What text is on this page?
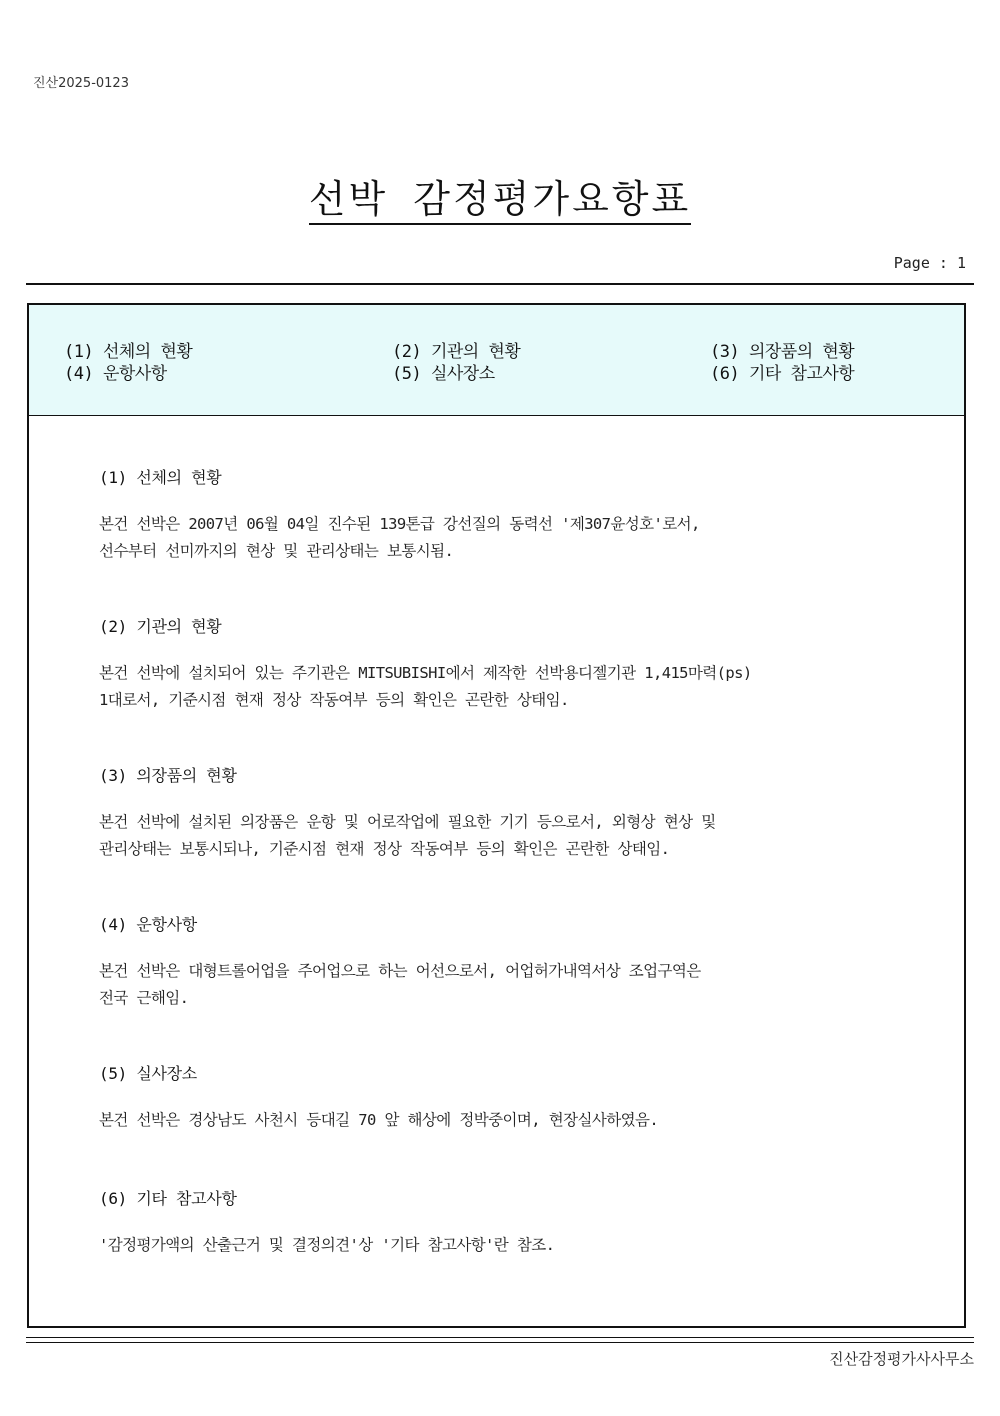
진산2025-0123
선박 감정평가요항표
Page : 1
(1) 선체의 현황	(2) 기관의 현황	(3) 의장품의 현황
(4) 운항사항	(5) 실사장소	(6) 기타 참고사항
(1) 선체의 현황
본건 선박은 2007년 06월 04일 진수된 139톤급 강선질의 동력선 '제307윤성호'로서,
선수부터 선미까지의 현상 및 관리상태는 보통시됨.
(2) 기관의 현황
본건 선박에 설치되어 있는 주기관은 MITSUBISHI에서 제작한 선박용디젤기관 1,415마력(ps)
1대로서, 기준시점 현재 정상 작동여부 등의 확인은 곤란한 상태임.
(3) 의장품의 현황
본건 선박에 설치된 의장품은 운항 및 어로작업에 필요한 기기 등으로서, 외형상 현상 및
관리상태는 보통시되나, 기준시점 현재 정상 작동여부 등의 확인은 곤란한 상태임.
(4) 운항사항
본건 선박은 대형트롤어업을 주어업으로 하는 어선으로서, 어업허가내역서상 조업구역은
전국 근해임.
(5) 실사장소
본건 선박은 경상남도 사천시 등대길 70 앞 해상에 정박중이며, 현장실사하였음.
(6) 기타 참고사항
'감정평가액의 산출근거 및 결정의견'상 '기타 참고사항'란 참조.
진산감정평가사사무소
